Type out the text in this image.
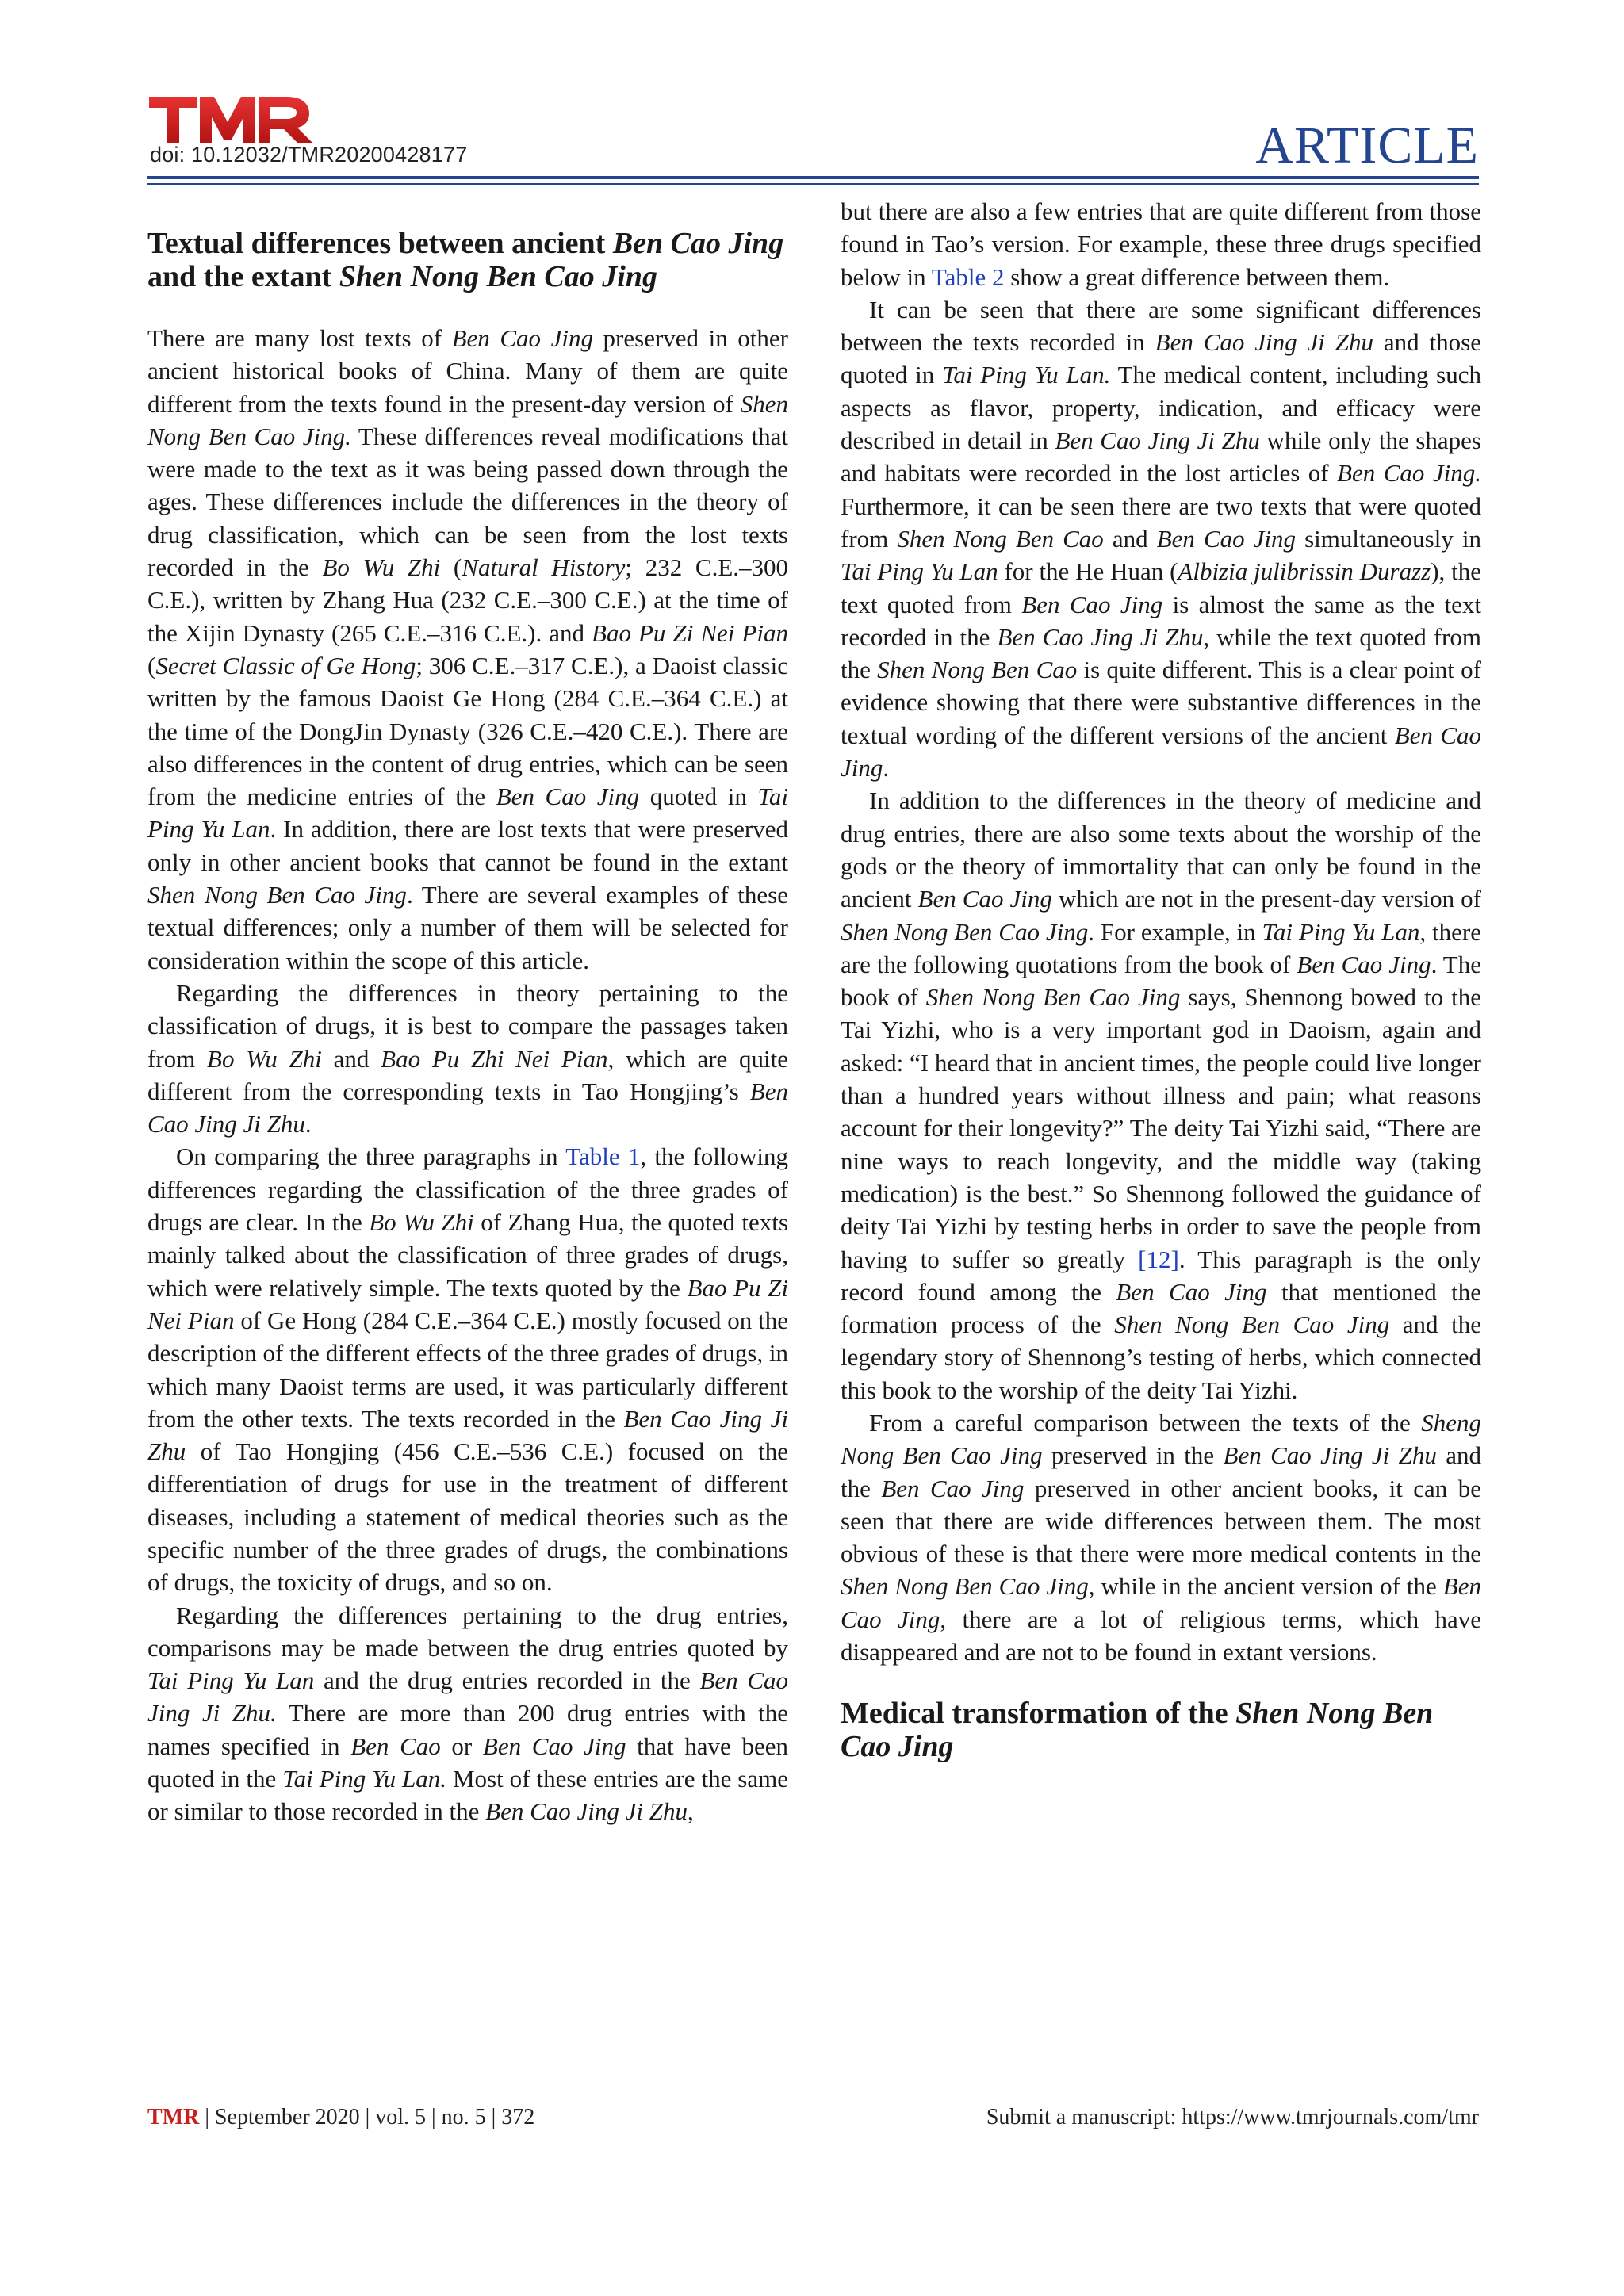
doi: 10.12032/TMR20200428177	ARTICLE
Textual differences between ancient Ben Cao Jing and the extant Shen Nong Ben Cao Jing

There are many lost texts of Ben Cao Jing preserved in other ancient historical books of China. Many of them are quite different from the texts found in the present-day version of Shen Nong Ben Cao Jing. These differences reveal modifications that were made to the text as it was being passed down through the ages. These differences include the differences in the theory of drug classification, which can be seen from the lost texts recorded in the Bo Wu Zhi (Natural History; 232 C.E.–300 C.E.), written by Zhang Hua (232 C.E.–300 C.E.) at the time of the Xijin Dynasty (265 C.E.–316 C.E.). and Bao Pu Zi Nei Pian (Secret Classic of Ge Hong; 306 C.E.–317 C.E.), a Daoist classic written by the famous Daoist Ge Hong (284 C.E.–364 C.E.) at the time of the DongJin Dynasty (326 C.E.–420 C.E.). There are also differences in the content of drug entries, which can be seen from the medicine entries of the Ben Cao Jing quoted in Tai Ping Yu Lan. In addition, there are lost texts that were preserved only in other ancient books that cannot be found in the extant Shen Nong Ben Cao Jing. There are several examples of these textual differences; only a number of them will be selected for consideration within the scope of this article.

Regarding the differences in theory pertaining to the classification of drugs, it is best to compare the passages taken from Bo Wu Zhi and Bao Pu Zhi Nei Pian, which are quite different from the corresponding texts in Tao Hongjing’s Ben Cao Jing Ji Zhu.

On comparing the three paragraphs in Table 1, the following differences regarding the classification of the three grades of drugs are clear. In the Bo Wu Zhi of Zhang Hua, the quoted texts mainly talked about the classification of three grades of drugs, which were relatively simple. The texts quoted by the Bao Pu Zi Nei Pian of Ge Hong (284 C.E.–364 C.E.) mostly focused on the description of the different effects of the three grades of drugs, in which many Daoist terms are used, it was particularly different from the other texts. The texts recorded in the Ben Cao Jing Ji Zhu of Tao Hongjing (456 C.E.–536 C.E.) focused on the differentiation of drugs for use in the treatment of different diseases, including a statement of medical theories such as the specific number of the three grades of drugs, the combinations of drugs, the toxicity of drugs, and so on.

Regarding the differences pertaining to the drug entries, comparisons may be made between the drug entries quoted by Tai Ping Yu Lan and the drug entries recorded in the Ben Cao Jing Ji Zhu. There are more than 200 drug entries with the names specified in Ben Cao or Ben Cao Jing that have been quoted in the Tai Ping Yu Lan. Most of these entries are the same or similar to those recorded in the Ben Cao Jing Ji Zhu,

but there are also a few entries that are quite different from those found in Tao’s version. For example, these three drugs specified below in Table 2 show a great difference between them.

It can be seen that there are some significant differences between the texts recorded in Ben Cao Jing Ji Zhu and those quoted in Tai Ping Yu Lan. The medical content, including such aspects as flavor, property, indication, and efficacy were described in detail in Ben Cao Jing Ji Zhu while only the shapes and habitats were recorded in the lost articles of Ben Cao Jing. Furthermore, it can be seen there are two texts that were quoted from Shen Nong Ben Cao and Ben Cao Jing simultaneously in Tai Ping Yu Lan for the He Huan (Albizia julibrissin Durazz), the text quoted from Ben Cao Jing is almost the same as the text recorded in the Ben Cao Jing Ji Zhu, while the text quoted from the Shen Nong Ben Cao is quite different. This is a clear point of evidence showing that there were substantive differences in the textual wording of the different versions of the ancient Ben Cao Jing.

In addition to the differences in the theory of medicine and drug entries, there are also some texts about the worship of the gods or the theory of immortality that can only be found in the ancient Ben Cao Jing which are not in the present-day version of Shen Nong Ben Cao Jing. For example, in Tai Ping Yu Lan, there are the following quotations from the book of Ben Cao Jing. The book of Shen Nong Ben Cao Jing says, Shennong bowed to the Tai Yizhi, who is a very important god in Daoism, again and asked: “I heard that in ancient times, the people could live longer than a hundred years without illness and pain; what reasons account for their longevity?” The deity Tai Yizhi said, “There are nine ways to reach longevity, and the middle way (taking medication) is the best.” So Shennong followed the guidance of deity Tai Yizhi by testing herbs in order to save the people from having to suffer so greatly [12]. This paragraph is the only record found among the Ben Cao Jing that mentioned the formation process of the Shen Nong Ben Cao Jing and the legendary story of Shennong’s testing of herbs, which connected this book to the worship of the deity Tai Yizhi.

From a careful comparison between the texts of the Sheng Nong Ben Cao Jing preserved in the Ben Cao Jing Ji Zhu and the Ben Cao Jing preserved in other ancient books, it can be seen that there are wide differences between them. The most obvious of these is that there were more medical contents in the Shen Nong Ben Cao Jing, while in the ancient version of the Ben Cao Jing, there are a lot of religious terms, which have disappeared and are not to be found in extant versions.

Medical transformation of the Shen Nong Ben Cao Jing
TMR | September 2020 | vol. 5 | no. 5 | 372	Submit a manuscript: https://www.tmrjournals.com/tmr
